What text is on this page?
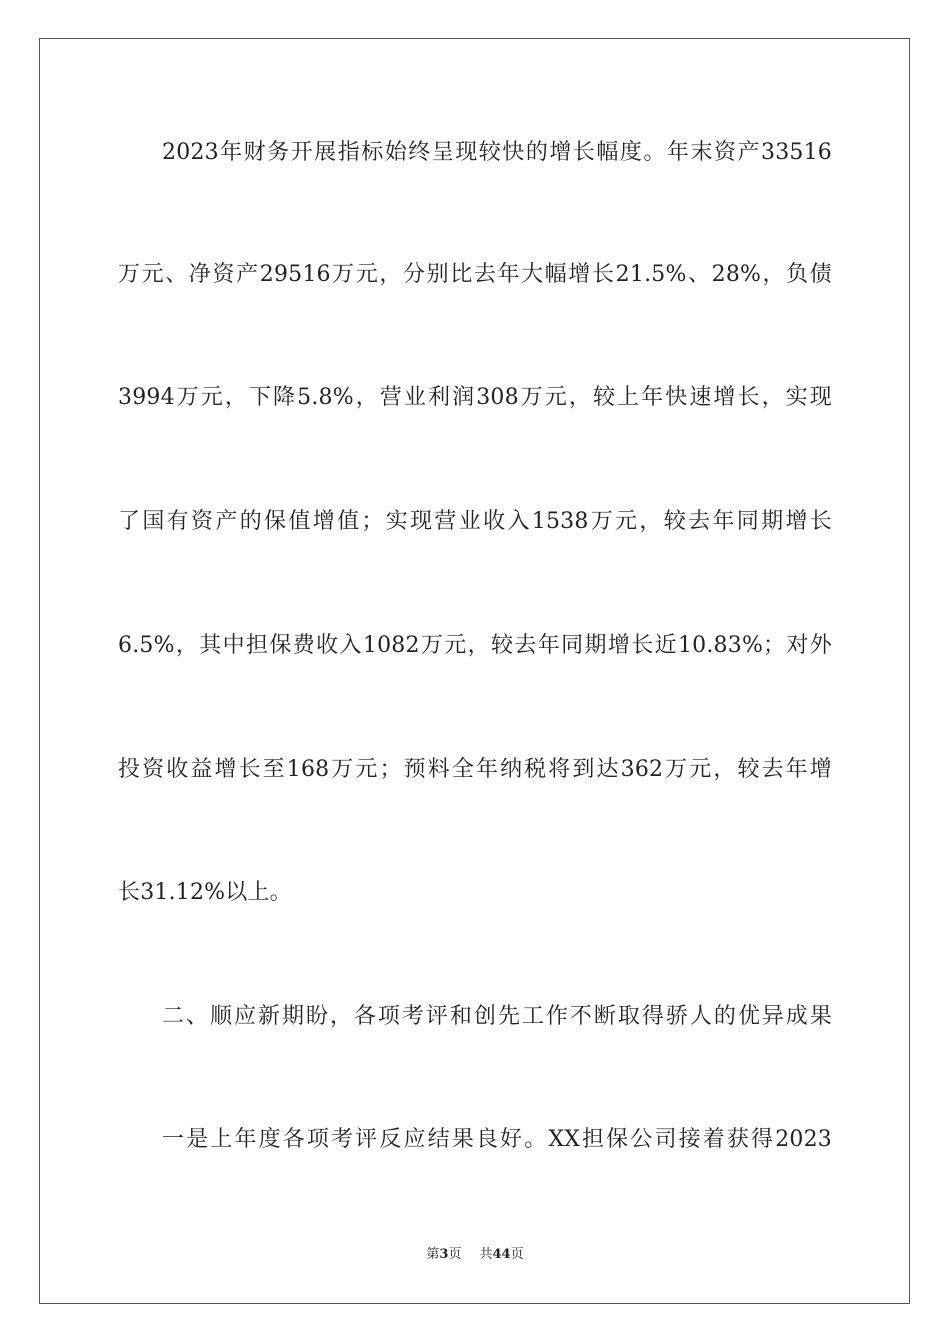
2023年财务开展指标始终呈现较快的增长幅度。年末资产33516
万元、净资产29516万元，分别比去年大幅增长21.5%、28%，负债
3994万元，下降5.8%，营业利润308万元，较上年快速增长，实现
了国有资产的保值增值；实现营业收入1538万元，较去年同期增长
6.5%，其中担保费收入1082万元，较去年同期增长近10.83%；对外
投资收益增长至168万元；预料全年纳税将到达362万元，较去年增
长31.12%以上。
二、顺应新期盼，各项考评和创先工作不断取得骄人的优异成果
一是上年度各项考评反应结果良好。XX担保公司接着获得2023
第3页 共44页
